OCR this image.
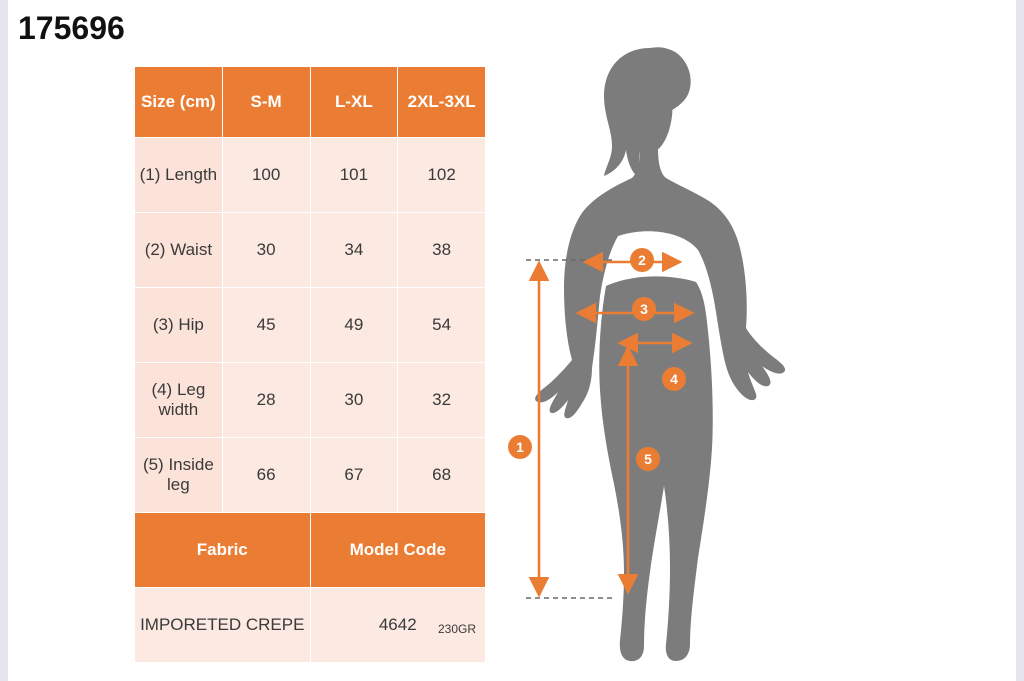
175696
Size (cm)	S-M	L-XL	2XL-3XL
(1) Length	100	101	102
(2) Waist	30	34	38
(3) Hip	45	49	54
(4) Leg width	28	30	32
(5) Inside leg	66	67	68
Fabric		Model Code	
IMPORETED CREPE		4642	230GR
1
2
3
4
5
